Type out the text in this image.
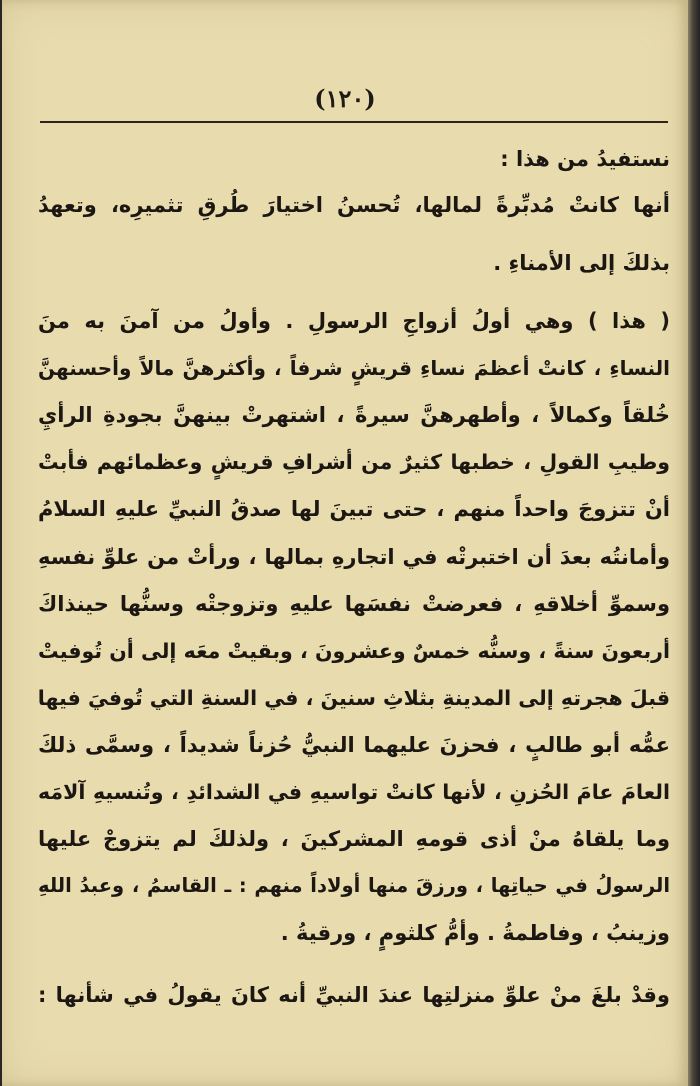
(١٢٠)
نستفيدُ من هذا :
أنها كانتْ مُدبِّرةً لمالها، تُحسنُ اختيارَ طُرقِ تثميرِه، وتعهدُ
بذلكَ إلى الأمناءِ .
( هذا ) وهي أولُ أزواجِ الرسولِ . وأولُ من آمنَ به منَ
النساءِ ، كانتْ أعظمَ نساءِ قريشٍ شرفاً ، وأكثرهنَّ مالاً وأحسنهنَّ
خُلقاً وكمالاً ، وأطهرهنَّ سيرةً ، اشتهرتْ بينهنَّ بجودةِ الرأيِ
وطيبِ القولِ ، خطبها كثيرٌ من أشرافِ قريشٍ وعظمائهم فأبتْ
أنْ تتزوجَ واحداً منهم ، حتى تبينَ لها صدقُ النبيِّ عليهِ السلامُ
وأمانتُه بعدَ أن اختبرتْه في اتجارهِ بمالها ، ورأتْ من علوِّ نفسهِ
وسموِّ أخلاقهِ ، فعرضتْ نفسَها عليهِ وتزوجتْه وسنُّها حينذاكَ
أربعونَ سنةً ، وسنُّه خمسٌ وعشرونَ ، وبقيتْ معَه إلى أن تُوفيتْ
قبلَ هجرتهِ إلى المدينةِ بثلاثِ سنينَ ، في السنةِ التي تُوفيَ فيها
عمُّه أبو طالبٍ ، فحزنَ عليهما النبيُّ حُزناً شديداً ، وسمَّى ذلكَ
العامَ عامَ الحُزنِ ، لأنها كانتْ تواسيهِ في الشدائدِ ، وتُنسيهِ آلامَه
وما يلقاهُ منْ أذى قومهِ المشركينَ ، ولذلكَ لم يتزوجْ عليها
الرسولُ في حياتِها ، ورزقَ منها أولاداً منهم : ـ القاسمُ ، وعبدُ اللهِ
وزينبُ ، وفاطمةُ . وأمُّ كلثومٍ ، ورقيةُ .
وقدْ بلغَ منْ علوِّ منزلتِها عندَ النبيِّ أنه كانَ يقولُ في شأنها :
